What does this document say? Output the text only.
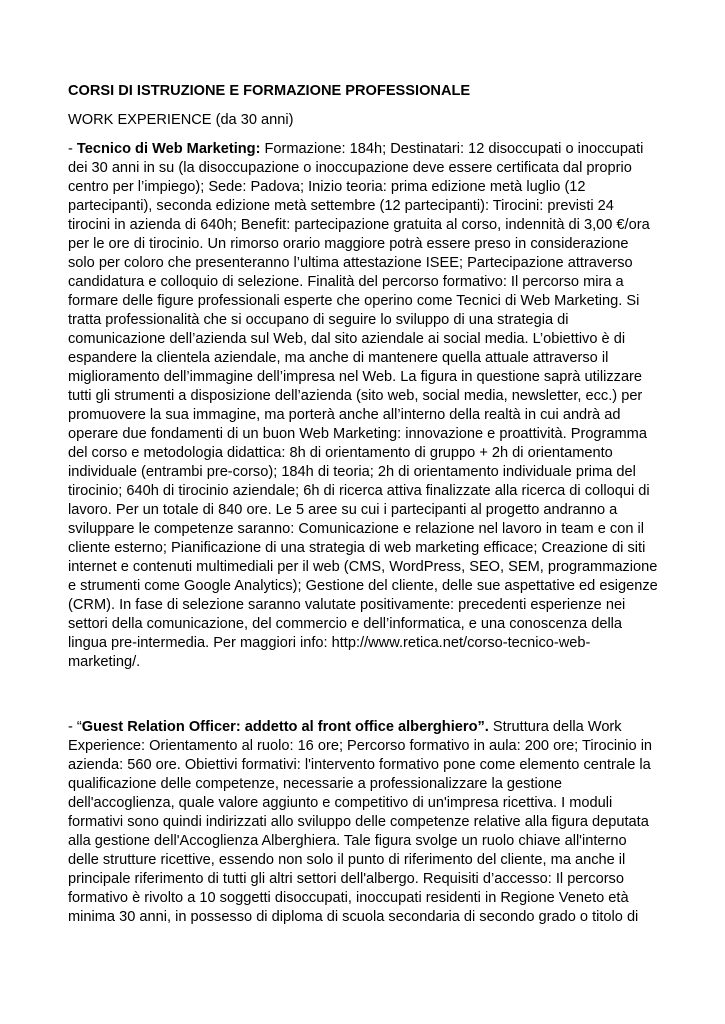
CORSI DI ISTRUZIONE E FORMAZIONE PROFESSIONALE

WORK EXPERIENCE (da 30 anni)

- Tecnico di Web Marketing: Formazione: 184h; Destinatari: 12 disoccupati o inoccupati dei 30 anni in su (la disoccupazione o inoccupazione deve essere certificata dal proprio centro per l’impiego); Sede: Padova; Inizio teoria: prima edizione metà luglio (12 partecipanti), seconda edizione metà settembre (12 partecipanti): Tirocini: previsti 24 tirocini in azienda di 640h; Benefit: partecipazione gratuita al corso, indennità di 3,00 €/ora per le ore di tirocinio. Un rimorso orario maggiore potrà essere preso in considerazione solo per coloro che presenteranno l’ultima attestazione ISEE; Partecipazione attraverso candidatura e colloquio di selezione. Finalità del percorso formativo: Il percorso mira a formare delle figure professionali esperte che operino come Tecnici di Web Marketing. Si tratta professionalità che si occupano di seguire lo sviluppo di una strategia di comunicazione dell’azienda sul Web, dal sito aziendale ai social media. L’obiettivo è di espandere la clientela aziendale, ma anche di mantenere quella attuale attraverso il miglioramento dell’immagine dell’impresa nel Web. La figura in questione saprà utilizzare tutti gli strumenti a disposizione dell’azienda (sito web, social media, newsletter, ecc.) per promuovere la sua immagine, ma porterà anche all’interno della realtà in cui andrà ad operare due fondamenti di un buon Web Marketing: innovazione e proattività. Programma del corso e metodologia didattica: 8h di orientamento di gruppo + 2h di orientamento individuale (entrambi pre-corso); 184h di teoria; 2h di orientamento individuale prima del tirocinio; 640h di tirocinio aziendale; 6h di ricerca attiva finalizzate alla ricerca di colloqui di lavoro. Per un totale di 840 ore. Le 5 aree su cui i partecipanti al progetto andranno a sviluppare le competenze saranno: Comunicazione e relazione nel lavoro in team e con il cliente esterno; Pianificazione di una strategia di web marketing efficace; Creazione di siti internet e contenuti multimediali per il web (CMS, WordPress, SEO, SEM, programmazione e strumenti come Google Analytics); Gestione del cliente, delle sue aspettative ed esigenze (CRM). In fase di selezione saranno valutate positivamente: precedenti esperienze nei settori della comunicazione, del commercio e dell’informatica, e una conoscenza della lingua pre-intermedia. Per maggiori info: http://www.retica.net/corso-tecnico-web-marketing/.

- “Guest Relation Officer: addetto al front office alberghiero”. Struttura della Work Experience: Orientamento al ruolo: 16 ore; Percorso formativo in aula: 200 ore; Tirocinio in azienda: 560 ore. Obiettivi formativi: l'intervento formativo pone come elemento centrale la qualificazione delle competenze, necessarie a professionalizzare la gestione dell'accoglienza, quale valore aggiunto e competitivo di un'impresa ricettiva. I moduli formativi sono quindi indirizzati allo sviluppo delle competenze relative alla figura deputata alla gestione dell'Accoglienza Alberghiera. Tale figura svolge un ruolo chiave all'interno delle strutture ricettive, essendo non solo il punto di riferimento del cliente, ma anche il principale riferimento di tutti gli altri settori dell'albergo. Requisiti d’accesso: Il percorso formativo è rivolto a 10 soggetti disoccupati, inoccupati residenti in Regione Veneto età minima 30 anni, in possesso di diploma di scuola secondaria di secondo grado o titolo di
